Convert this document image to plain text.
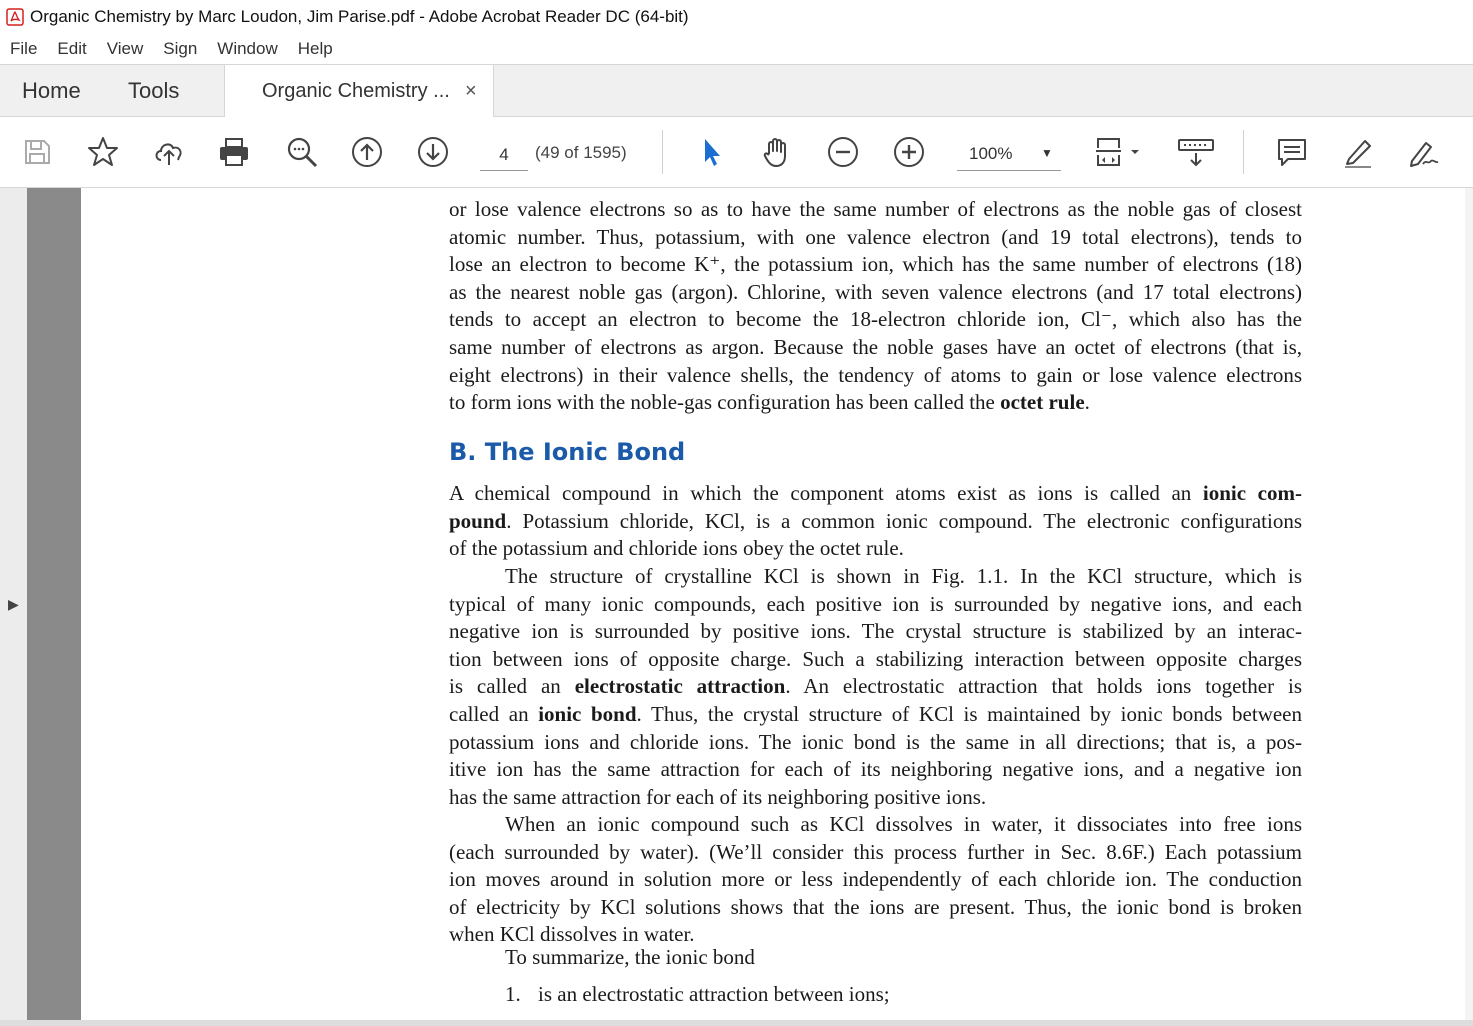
Organic Chemistry by Marc Loudon, Jim Parise.pdf - Adobe Acrobat Reader DC (64-bit)
File	Edit	View	Sign	Window	Help
Home Tools	Organic Chemistry ... ×
4
(49 of 1595)	100% ▼
▶
or lose valence electrons so as to have the same number of electrons as the noble gas of closest
atomic number. Thus, potassium, with one valence electron (and 19 total electrons), tends to
lose an electron to become K⁺, the potassium ion, which has the same number of electrons (18)
as the nearest noble gas (argon). Chlorine, with seven valence electrons (and 17 total electrons)
tends to accept an electron to become the 18-electron chloride ion, Cl⁻, which also has the
same number of electrons as argon. Because the noble gases have an octet of electrons (that is,
eight electrons) in their valence shells, the tendency of atoms to gain or lose valence electrons
to form ions with the noble-gas configuration has been called the octet rule.
B. The Ionic Bond
A chemical compound in which the component atoms exist as ions is called an ionic com-
pound. Potassium chloride, KCl, is a common ionic compound. The electronic configurations
of the potassium and chloride ions obey the octet rule.
The structure of crystalline KCl is shown in Fig. 1.1. In the KCl structure, which is
typical of many ionic compounds, each positive ion is surrounded by negative ions, and each
negative ion is surrounded by positive ions. The crystal structure is stabilized by an interac-
tion between ions of opposite charge. Such a stabilizing interaction between opposite charges
is called an electrostatic attraction. An electrostatic attraction that holds ions together is
called an ionic bond. Thus, the crystal structure of KCl is maintained by ionic bonds between
potassium ions and chloride ions. The ionic bond is the same in all directions; that is, a pos-
itive ion has the same attraction for each of its neighboring negative ions, and a negative ion
has the same attraction for each of its neighboring positive ions.
When an ionic compound such as KCl dissolves in water, it dissociates into free ions
(each surrounded by water). (We’ll consider this process further in Sec. 8.6F.) Each potassium
ion moves around in solution more or less independently of each chloride ion. The conduction
of electricity by KCl solutions shows that the ions are present. Thus, the ionic bond is broken
when KCl dissolves in water.
To summarize, the ionic bond
1. is an electrostatic attraction between ions;
